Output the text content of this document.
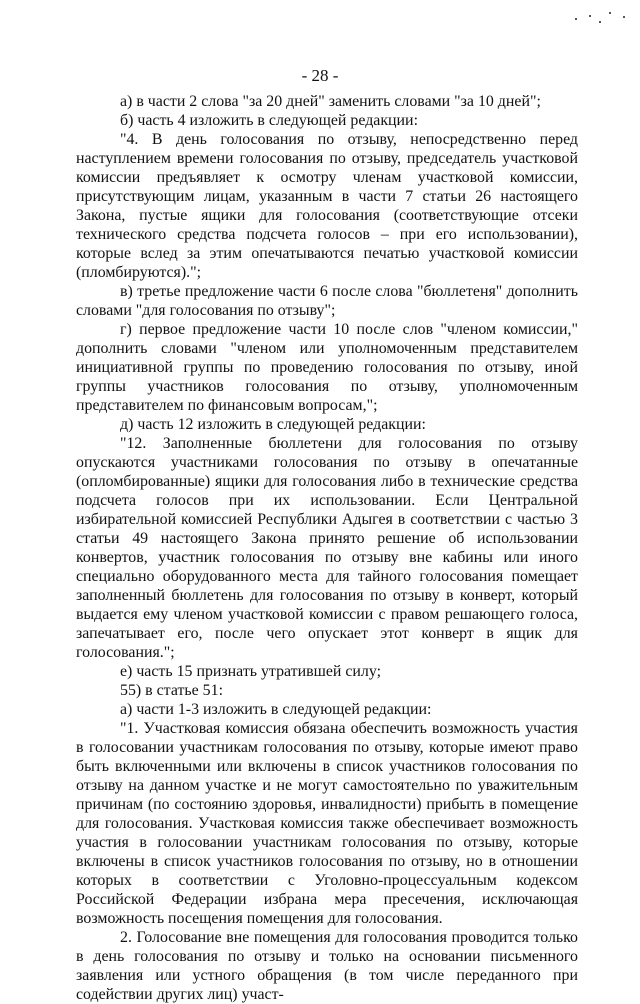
- 28 -

а) в части 2 слова "за 20 дней" заменить словами "за 10 дней";

б) часть 4 изложить в следующей редакции:

"4. В день голосования по отзыву, непосредственно перед наступлением времени голосования по отзыву, председатель участковой комиссии предъявляет к осмотру членам участковой комиссии, присутствующим лицам, указанным в части 7 статьи 26 настоящего Закона, пустые ящики для голосования (соответствующие отсеки технического средства подсчета голосов – при его использовании), которые вслед за этим опечатываются печатью участковой комиссии (пломбируются).";

в) третье предложение части 6 после слова "бюллетеня" дополнить словами "для голосования по отзыву";

г) первое предложение части 10 после слов "членом комиссии," дополнить словами "членом или уполномоченным представителем инициативной группы по проведению голосования по отзыву, иной группы участников голосования по отзыву, уполномоченным представителем по финансовым вопросам,";

д) часть 12 изложить в следующей редакции:

"12. Заполненные бюллетени для голосования по отзыву опускаются участниками голосования по отзыву в опечатанные (опломбированные) ящики для голосования либо в технические средства подсчета голосов при их использовании. Если Центральной избирательной комиссией Республики Адыгея в соответствии с частью 3 статьи 49 настоящего Закона принято решение об использовании конвертов, участник голосования по отзыву вне кабины или иного специально оборудованного места для тайного голосования помещает заполненный бюллетень для голосования по отзыву в конверт, который выдается ему членом участковой комиссии с правом решающего голоса, запечатывает его, после чего опускает этот конверт в ящик для голосования.";

е) часть 15 признать утратившей силу;

55) в статье 51:

а) части 1-3 изложить в следующей редакции:

"1. Участковая комиссия обязана обеспечить возможность участия в голосовании участникам голосования по отзыву, которые имеют право быть включенными или включены в список участников голосования по отзыву на данном участке и не могут самостоятельно по уважительным причинам (по состоянию здоровья, инвалидности) прибыть в помещение для голосования. Участковая комиссия также обеспечивает возможность участия в голосовании участникам голосования по отзыву, которые включены в список участников голосования по отзыву, но в отношении которых в соответствии с Уголовно-процессуальным кодексом Российской Федерации избрана мера пресечения, исключающая возможность посещения помещения для голосования.

2. Голосование вне помещения для голосования проводится только в день голосования по отзыву и только на основании письменного заявления или устного обращения (в том числе переданного при содействии других лиц) участ-
